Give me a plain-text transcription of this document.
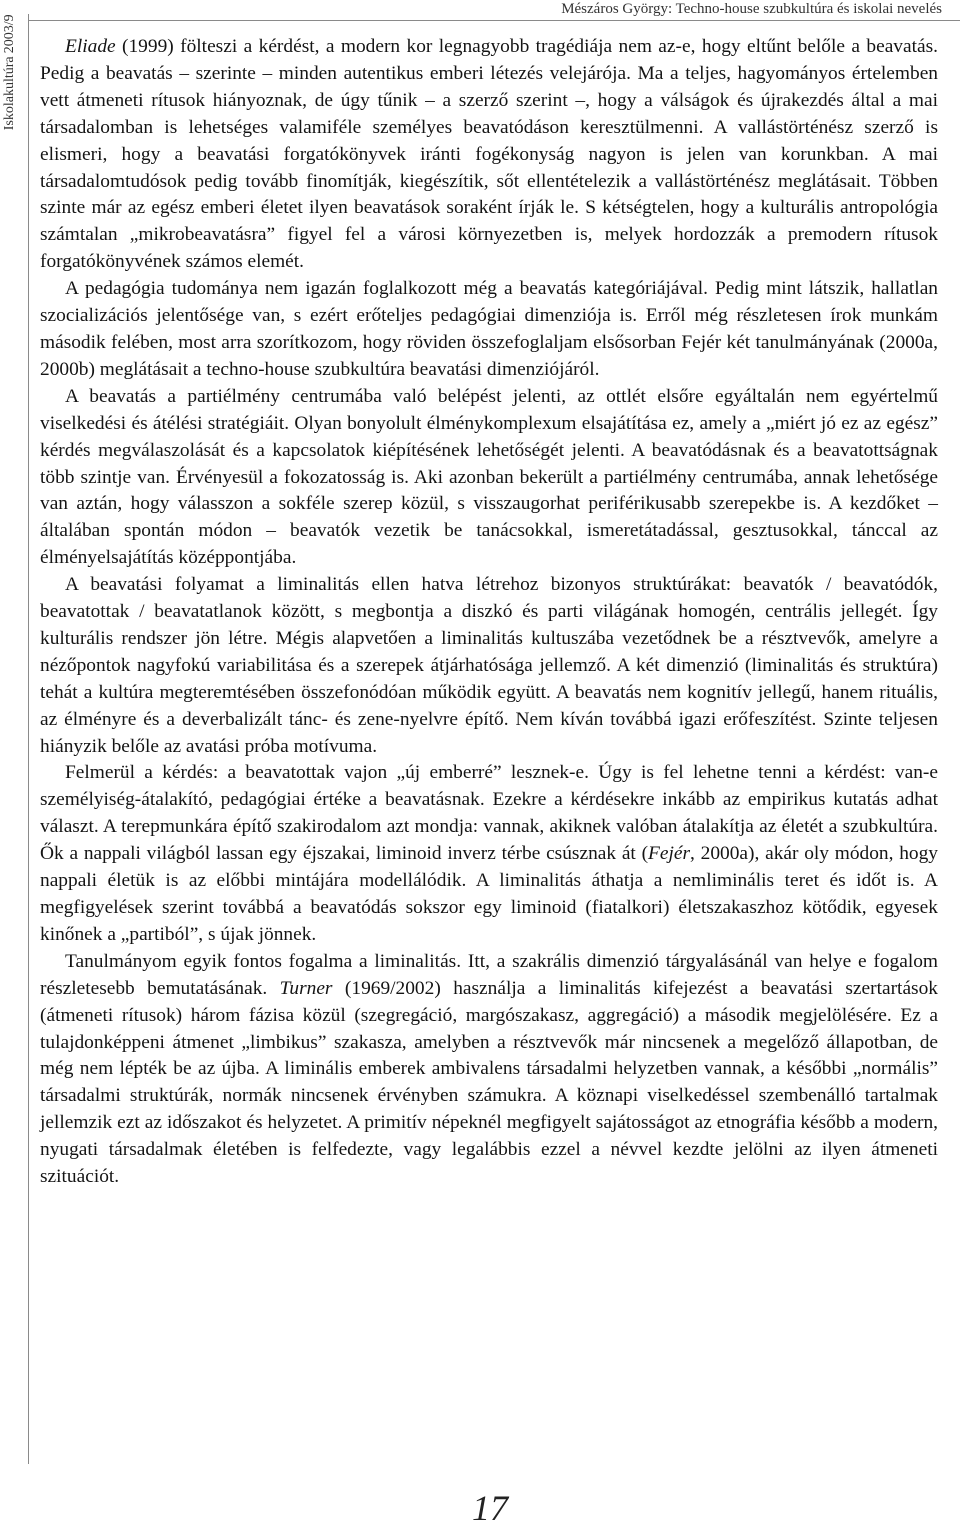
Mészáros György: Techno-house szubkultúra és iskolai nevelés
Iskolakultúra 2003/9	Eliade (1999) fölteszi a kérdést, a modern kor legnagyobb tragédiája nem az-e, hogy eltűnt belőle a beavatás. Pedig a beavatás – szerinte – minden autentikus emberi létezés velejárója. Ma a teljes, hagyományos értelemben vett átmeneti rítusok hiányoznak, de úgy tűnik – a szerző szerint –, hogy a válságok és újrakezdés által a mai társadalomban is lehetséges valamiféle személyes beavatódáson keresztülmenni. A vallástörténész szerző is elismeri, hogy a beavatási forgatókönyvek iránti fogékonyság nagyon is jelen van korunkban. A mai társadalomtudósok pedig tovább finomítják, kiegészítik, sőt ellentételezik a vallástörténész meglátásait. Többen szinte már az egész emberi életet ilyen beavatások soraként írják le. S kétségtelen, hogy a kulturális antropológia számtalan „mikrobeavatásra” figyel fel a városi környezetben is, melyek hordozzák a premodern rítusok forgatókönyvének számos elemét.

A pedagógia tudománya nem igazán foglalkozott még a beavatás kategóriájával. Pedig mint látszik, hallatlan szocializációs jelentősége van, s ezért erőteljes pedagógiai dimenziója is. Erről még részletesen írok munkám második felében, most arra szorítkozom, hogy röviden összefoglaljam elsősorban Fejér két tanulmányának (2000a, 2000b) meglátásait a techno-house szubkultúra beavatási dimenziójáról.

A beavatás a partiélmény centrumába való belépést jelenti, az ottlét elsőre egyáltalán nem egyértelmű viselkedési és átélési stratégiáit. Olyan bonyolult élménykomplexum elsajátítása ez, amely a „miért jó ez az egész” kérdés megválaszolását és a kapcsolatok kiépítésének lehetőségét jelenti. A beavatódásnak és a beavatottságnak több szintje van. Érvényesül a fokozatosság is. Aki azonban bekerült a partiélmény centrumába, annak lehetősége van aztán, hogy válasszon a sokféle szerep közül, s visszaugorhat periférikusabb szerepekbe is. A kezdőket – általában spontán módon – beavatók vezetik be tanácsokkal, ismeretátadással, gesztusokkal, tánccal az élményelsajátítás középpontjába.

A beavatási folyamat a liminalitás ellen hatva létrehoz bizonyos struktúrákat: beavatók / beavatódók, beavatottak / beavatatlanok között, s megbontja a diszkó és parti világának homogén, centrális jellegét. Így kulturális rendszer jön létre. Mégis alapvetően a liminalitás kultuszába vezetődnek be a résztvevők, amelyre a nézőpontok nagyfokú variabilitása és a szerepek átjárhatósága jellemző. A két dimenzió (liminalitás és struktúra) tehát a kultúra megteremtésében összefonódóan működik együtt. A beavatás nem kognitív jellegű, hanem rituális, az élményre és a deverbalizált tánc- és zene-nyelvre építő. Nem kíván továbbá igazi erőfeszítést. Szinte teljesen hiányzik belőle az avatási próba motívuma.

Felmerül a kérdés: a beavatottak vajon „új emberré” lesznek-e. Úgy is fel lehetne tenni a kérdést: van-e személyiség-átalakító, pedagógiai értéke a beavatásnak. Ezekre a kérdésekre inkább az empirikus kutatás adhat választ. A terepmunkára építő szakirodalom azt mondja: vannak, akiknek valóban átalakítja az életét a szubkultúra. Ők a nappali világból lassan egy éjszakai, liminoid inverz térbe csúsznak át (Fejér, 2000a), akár oly módon, hogy nappali életük is az előbbi mintájára modellálódik. A liminalitás áthatja a nemliminális teret és időt is. A megfigyelések szerint továbbá a beavatódás sokszor egy liminoid (fiatalkori) életszakaszhoz kötődik, egyesek kinőnek a „partiból”, s újak jönnek.

Tanulmányom egyik fontos fogalma a liminalitás. Itt, a szakrális dimenzió tárgyalásánál van helye e fogalom részletesebb bemutatásának. Turner (1969/2002) használja a liminalitás kifejezést a beavatási szertartások (átmeneti rítusok) három fázisa közül (szegregáció, margószakasz, aggregáció) a második megjelölésére. Ez a tulajdonképpeni átmenet „limbikus” szakasza, amelyben a résztvevők már nincsenek a megelőző állapotban, de még nem lépték be az újba. A liminális emberek ambivalens társadalmi helyzetben vannak, a későbbi „normális” társadalmi struktúrák, normák nincsenek érvényben számukra. A köznapi viselkedéssel szembenálló tartalmak jellemzik ezt az időszakot és helyzetet. A primitív népeknél megfigyelt sajátosságot az etnográfia később a modern, nyugati társadalmak életében is felfedezte, vagy legalábbis ezzel a névvel kezdte jelölni az ilyen átmeneti szituációt.

17
